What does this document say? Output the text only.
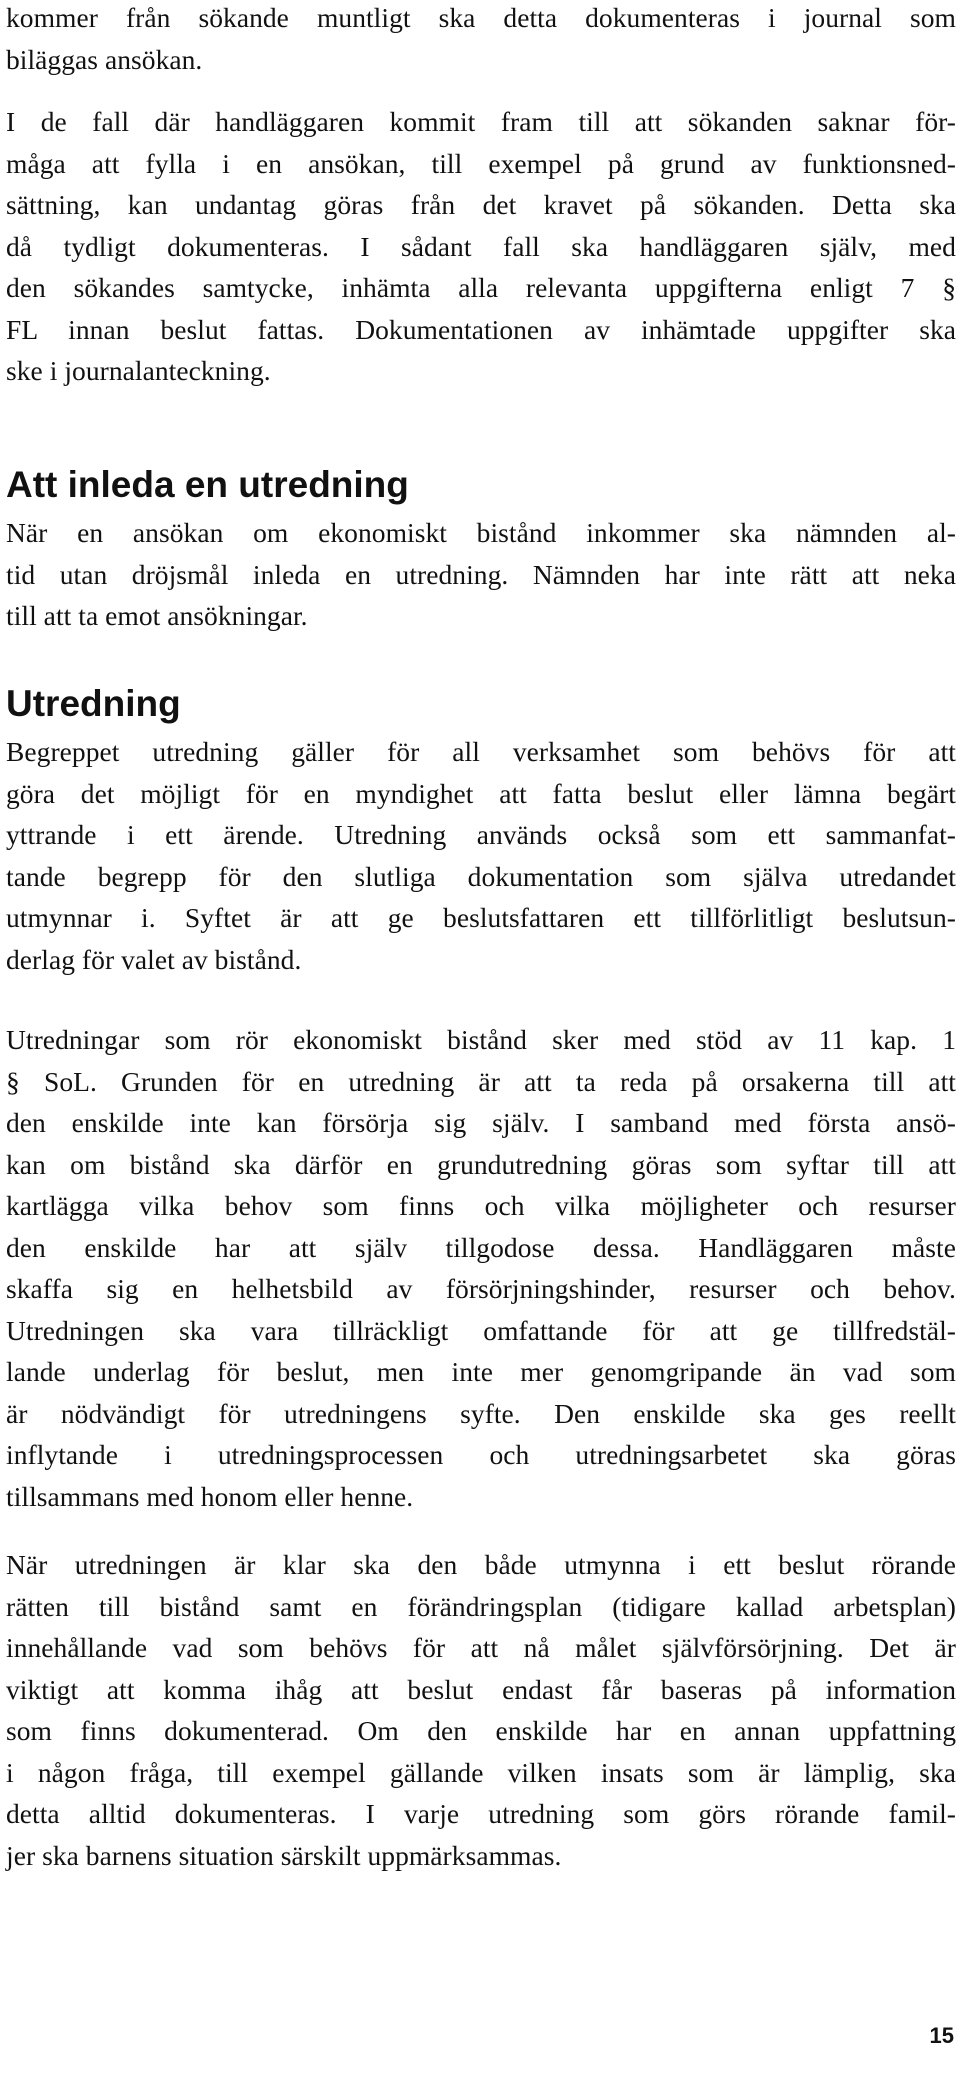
kommer från sökande muntligt ska detta dokumenteras i journal som
biläggas ansökan.
I de fall där handläggaren kommit fram till att sökanden saknar för-
måga att fylla i en ansökan, till exempel på grund av funktionsned-
sättning, kan undantag göras från det kravet på sökanden. Detta ska
då tydligt dokumenteras. I sådant fall ska handläggaren själv, med
den sökandes samtycke, inhämta alla relevanta uppgifterna enligt 7 §
FL innan beslut fattas. Dokumentationen av inhämtade uppgifter ska
ske i journalanteckning.
Att inleda en utredning
När en ansökan om ekonomiskt bistånd inkommer ska nämnden al-
tid utan dröjsmål inleda en utredning. Nämnden har inte rätt att neka
till att ta emot ansökningar.
Utredning
Begreppet utredning gäller för all verksamhet som behövs för att
göra det möjligt för en myndighet att fatta beslut eller lämna begärt
yttrande i ett ärende. Utredning används också som ett sammanfat-
tande begrepp för den slutliga dokumentation som själva utredandet
utmynnar i. Syftet är att ge beslutsfattaren ett tillförlitligt beslutsun-
derlag för valet av bistånd.
Utredningar som rör ekonomiskt bistånd sker med stöd av 11 kap. 1
§ SoL. Grunden för en utredning är att ta reda på orsakerna till att
den enskilde inte kan försörja sig själv. I samband med första ansö-
kan om bistånd ska därför en grundutredning göras som syftar till att
kartlägga vilka behov som finns och vilka möjligheter och resurser
den enskilde har att själv tillgodose dessa. Handläggaren måste
skaffa sig en helhetsbild av försörjningshinder, resurser och behov.
Utredningen ska vara tillräckligt omfattande för att ge tillfredstäl-
lande underlag för beslut, men inte mer genomgripande än vad som
är nödvändigt för utredningens syfte. Den enskilde ska ges reellt
inflytande i utredningsprocessen och utredningsarbetet ska göras
tillsammans med honom eller henne.
När utredningen är klar ska den både utmynna i ett beslut rörande
rätten till bistånd samt en förändringsplan (tidigare kallad arbetsplan)
innehållande vad som behövs för att nå målet självförsörjning. Det är
viktigt att komma ihåg att beslut endast får baseras på information
som finns dokumenterad. Om den enskilde har en annan uppfattning
i någon fråga, till exempel gällande vilken insats som är lämplig, ska
detta alltid dokumenteras. I varje utredning som görs rörande famil-
jer ska barnens situation särskilt uppmärksammas.
15
